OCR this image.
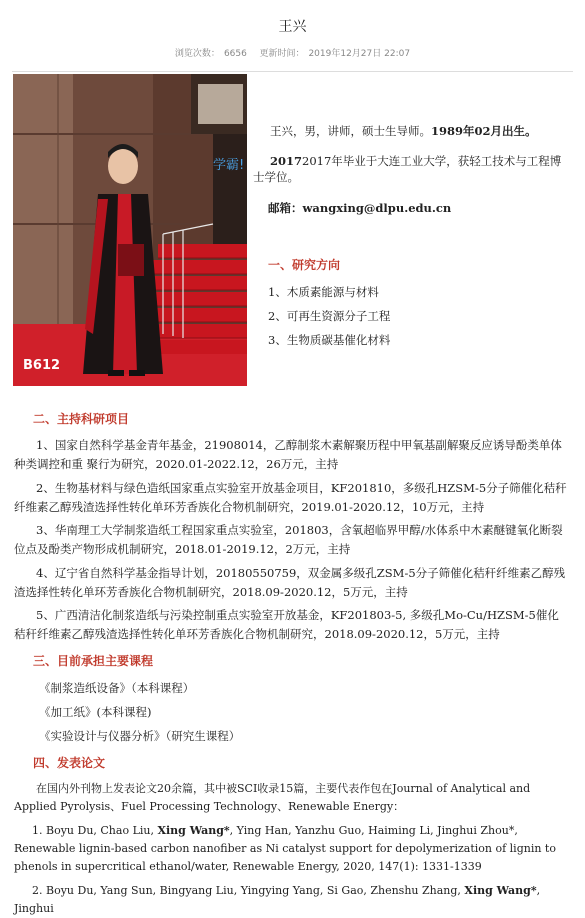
王兴
浏览次数： 6656 更新时间： 2019年12月27日 22:07
学霸!
B612
王兴，男，讲师，硕士生导师。1989年02月出生。
20172017年毕业于大连工业大学，获轻工技术与工程博士学位。
邮箱：wangxing@dlpu.edu.cn
一、研究方向
1、木质素能源与材料
2、可再生资源分子工程
3、生物质碳基催化材料
二、主持科研项目
1、国家自然科学基金青年基金，21908014，乙醇制浆木素解聚历程中甲氧基副解聚反应诱导酚类单体种类调控和重 聚行为研究，2020.01-2022.12，26万元，主持
2、生物基材料与绿色造纸国家重点实验室开放基金项目，KF201810，多级孔HZSM-5分子筛催化秸秆纤维素乙醇残渣选择性转化单环芳香族化合物机制研究，2019.01-2020.12，10万元，主持
3、华南理工大学制浆造纸工程国家重点实验室，201803，含氧超临界甲醇/水体系中木素醚键氧化断裂位点及酚类产物形成机制研究，2018.01-2019.12，2万元，主持
4、辽宁省自然科学基金指导计划，20180550759，双金属多级孔ZSM-5分子筛催化秸秆纤维素乙醇残渣选择性转化单环芳香族化合物机制研究，2018.09-2020.12，5万元，主持
5、广西清洁化制浆造纸与污染控制重点实验室开放基金，KF201803-5, 多级孔Mo-Cu/HZSM-5催化秸秆纤维素乙醇残渣选择性转化单环芳香族化合物机制研究，2018.09-2020.12，5万元，主持
三、目前承担主要课程
《制浆造纸设备》（本科课程）
《加工纸》(本科课程)
《实验设计与仪器分析》（研究生课程）
四、发表论文
在国内外刊物上发表论文20余篇，其中被SCI收录15篇，主要代表作包在Journal of Analytical and Applied Pyrolysis、Fuel Processing Technology、Renewable Energy：
1. Boyu Du, Chao Liu, Xing Wang*, Ying Han, Yanzhu Guo, Haiming Li, Jinghui Zhou*, Renewable lignin-based carbon nanofiber as Ni catalyst support for depolymerization of lignin to phenols in supercritical ethanol/water, Renewable Energy, 2020, 147(1): 1331-1339
2. Boyu Du, Yang Sun, Bingyang Liu, Yingying Yang, Si Gao, Zhenshu Zhang, Xing Wang*, Jinghui
